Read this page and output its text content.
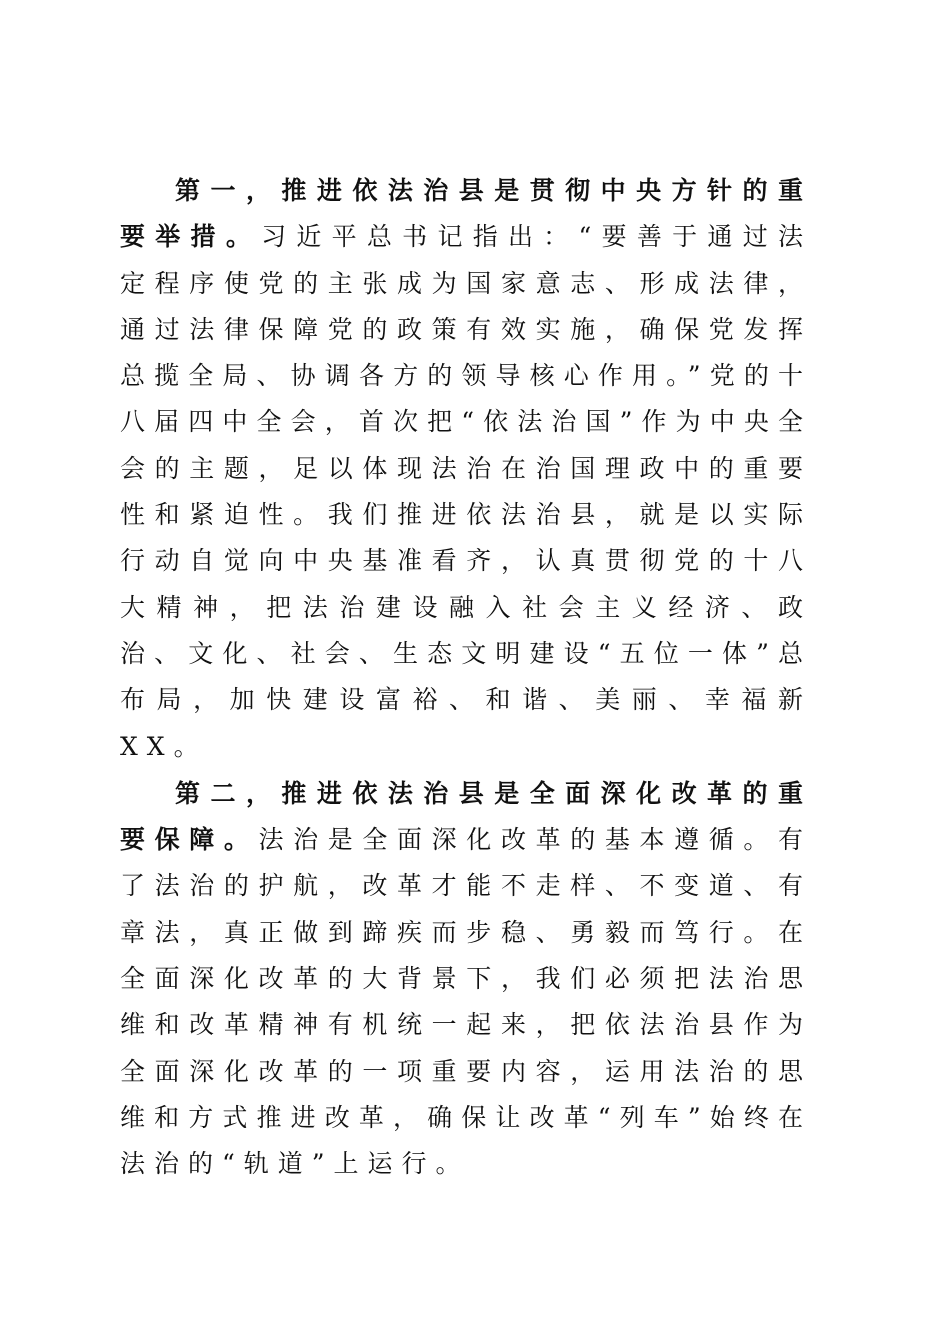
第一，推进依法治县是贯彻中央方针的重要举措。习近平总书记指出：“要善于通过法定程序使党的主张成为国家意志、形成法律，通过法律保障党的政策有效实施，确保党发挥总揽全局、协调各方的领导核心作用。”党的十八届四中全会，首次把“依法治国”作为中央全会的主题，足以体现法治在治国理政中的重要性和紧迫性。我们推进依法治县，就是以实际行动自觉向中央基准看齐，认真贯彻党的十八大精神，把法治建设融入社会主义经济、政治、文化、社会、生态文明建设“五位一体”总布局，加快建设富裕、和谐、美丽、幸福新XX。

第二，推进依法治县是全面深化改革的重要保障。法治是全面深化改革的基本遵循。有了法治的护航，改革才能不走样、不变道、有章法，真正做到蹄疾而步稳、勇毅而笃行。在全面深化改革的大背景下，我们必须把法治思维和改革精神有机统一起来，把依法治县作为全面深化改革的一项重要内容，运用法治的思维和方式推进改革，确保让改革“列车”始终在法治的“轨道”上运行。
